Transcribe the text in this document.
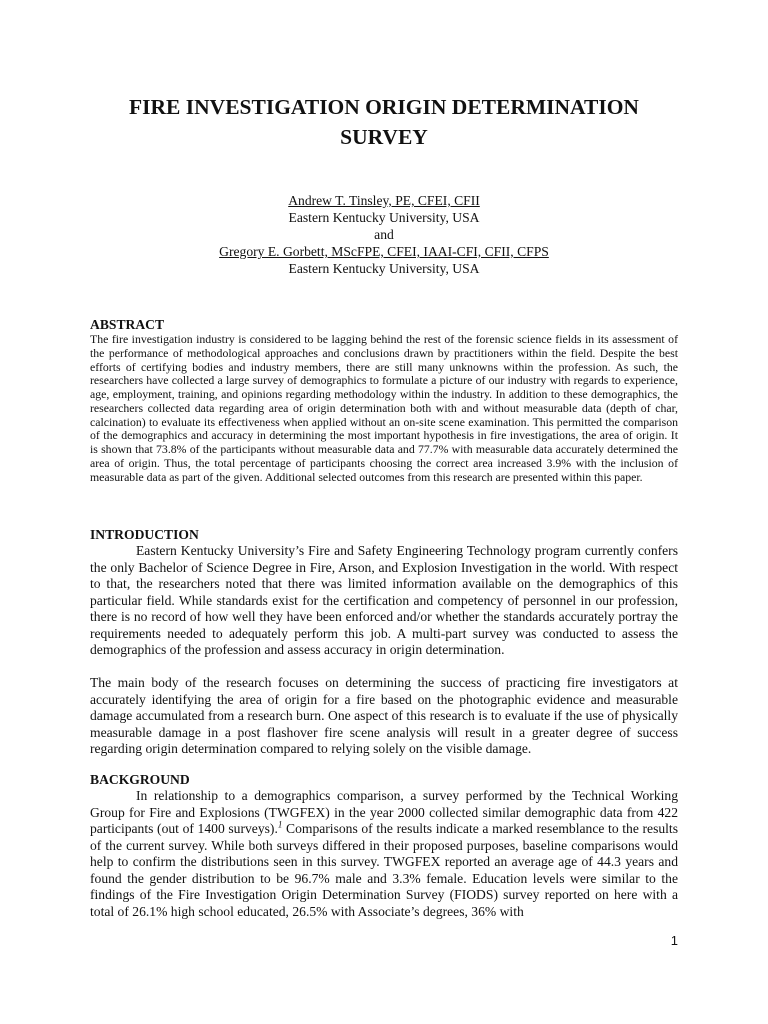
FIRE INVESTIGATION ORIGIN DETERMINATION SURVEY
Andrew T. Tinsley, PE, CFEI, CFII
Eastern Kentucky University, USA
and
Gregory E. Gorbett, MScFPE, CFEI, IAAI-CFI, CFII, CFPS
Eastern Kentucky University, USA
ABSTRACT

The fire investigation industry is considered to be lagging behind the rest of the forensic science fields in its assessment of the performance of methodological approaches and conclusions drawn by practitioners within the field. Despite the best efforts of certifying bodies and industry members, there are still many unknowns within the profession. As such, the researchers have collected a large survey of demographics to formulate a picture of our industry with regards to experience, age, employment, training, and opinions regarding methodology within the industry. In addition to these demographics, the researchers collected data regarding area of origin determination both with and without measurable data (depth of char, calcination) to evaluate its effectiveness when applied without an on-site scene examination. This permitted the comparison of the demographics and accuracy in determining the most important hypothesis in fire investigations, the area of origin. It is shown that 73.8% of the participants without measurable data and 77.7% with measurable data accurately determined the area of origin. Thus, the total percentage of participants choosing the correct area increased 3.9% with the inclusion of measurable data as part of the given. Additional selected outcomes from this research are presented within this paper.

INTRODUCTION

Eastern Kentucky University’s Fire and Safety Engineering Technology program currently confers the only Bachelor of Science Degree in Fire, Arson, and Explosion Investigation in the world. With respect to that, the researchers noted that there was limited information available on the demographics of this particular field. While standards exist for the certification and competency of personnel in our profession, there is no record of how well they have been enforced and/or whether the standards accurately portray the requirements needed to adequately perform this job. A multi-part survey was conducted to assess the demographics of the profession and assess accuracy in origin determination.

The main body of the research focuses on determining the success of practicing fire investigators at accurately identifying the area of origin for a fire based on the photographic evidence and measurable damage accumulated from a research burn. One aspect of this research is to evaluate if the use of physically measurable damage in a post flashover fire scene analysis will result in a greater degree of success regarding origin determination compared to relying solely on the visible damage.

BACKGROUND

In relationship to a demographics comparison, a survey performed by the Technical Working Group for Fire and Explosions (TWGFEX) in the year 2000 collected similar demographic data from 422 participants (out of 1400 surveys).$^1$ Comparisons of the results indicate a marked resemblance to the results of the current survey. While both surveys differed in their proposed purposes, baseline comparisons would help to confirm the distributions seen in this survey. TWGFEX reported an average age of 44.3 years and found the gender distribution to be 96.7% male and 3.3% female. Education levels were similar to the findings of the Fire Investigation Origin Determination Survey (FIODS) survey reported on here with a total of 26.1% high school educated, 26.5% with Associate’s degrees, 36% with

1
